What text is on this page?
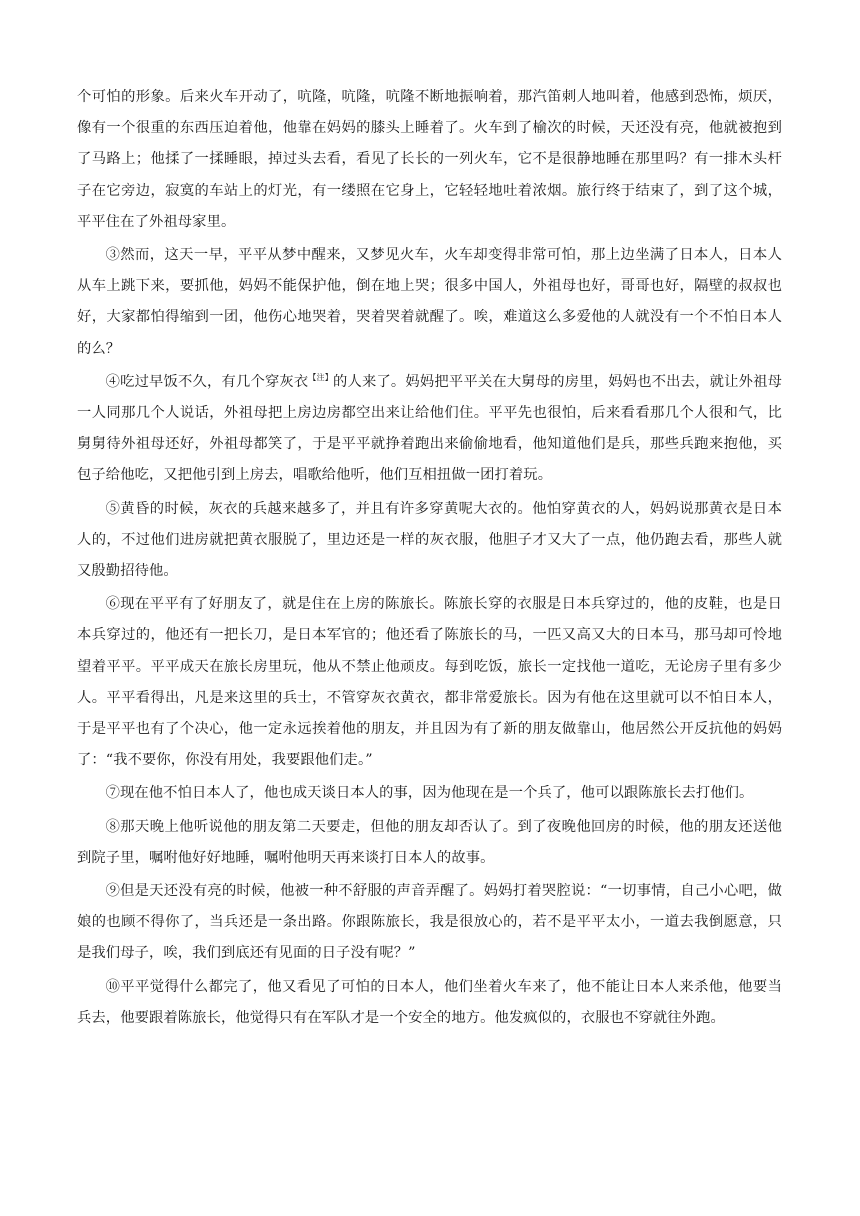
个可怕的形象。后来火车开动了，吭隆，吭隆，吭隆不断地振响着，那汽笛刺人地叫着，他感到恐怖，烦厌，像有一个很重的东西压迫着他，他靠在妈妈的膝头上睡着了。火车到了榆次的时候，天还没有亮，他就被抱到了马路上；他揉了一揉睡眼，掉过头去看，看见了长长的一列火车，它不是很静地睡在那里吗？有一排木头杆子在它旁边，寂寞的车站上的灯光，有一缕照在它身上，它轻轻地吐着浓烟。旅行终于结束了，到了这个城，平平住在了外祖母家里。

③然而，这天一早，平平从梦中醒来，又梦见火车，火车却变得非常可怕，那上边坐满了日本人，日本人从车上跳下来，要抓他，妈妈不能保护他，倒在地上哭；很多中国人，外祖母也好，哥哥也好，隔壁的叔叔也好，大家都怕得缩到一团，他伤心地哭着，哭着哭着就醒了。唉，难道这么多爱他的人就没有一个不怕日本人的么？

④吃过早饭不久，有几个穿灰衣$^{【注】}$的人来了。妈妈把平平关在大舅母的房里，妈妈也不出去，就让外祖母一人同那几个人说话，外祖母把上房边房都空出来让给他们住。平平先也很怕，后来看看那几个人很和气，比舅舅待外祖母还好，外祖母都笑了，于是平平就挣着跑出来偷偷地看，他知道他们是兵，那些兵跑来抱他，买包子给他吃，又把他引到上房去，唱歌给他听，他们互相扭做一团打着玩。

⑤黄昏的时候，灰衣的兵越来越多了，并且有许多穿黄呢大衣的。他怕穿黄衣的人，妈妈说那黄衣是日本人的，不过他们进房就把黄衣服脱了，里边还是一样的灰衣服，他胆子才又大了一点，他仍跑去看，那些人就又殷勤招待他。

⑥现在平平有了好朋友了，就是住在上房的陈旅长。陈旅长穿的衣服是日本兵穿过的，他的皮鞋，也是日本兵穿过的，他还有一把长刀，是日本军官的；他还看了陈旅长的马，一匹又高又大的日本马，那马却可怜地望着平平。平平成天在旅长房里玩，他从不禁止他顽皮。每到吃饭，旅长一定找他一道吃，无论房子里有多少人。平平看得出，凡是来这里的兵士，不管穿灰衣黄衣，都非常爱旅长。因为有他在这里就可以不怕日本人，于是平平也有了个决心，他一定永远挨着他的朋友，并且因为有了新的朋友做靠山，他居然公开反抗他的妈妈了：“我不要你，你没有用处，我要跟他们走。”

⑦现在他不怕日本人了，他也成天谈日本人的事，因为他现在是一个兵了，他可以跟陈旅长去打他们。

⑧那天晚上他听说他的朋友第二天要走，但他的朋友却否认了。到了夜晚他回房的时候，他的朋友还送他到院子里，嘱咐他好好地睡，嘱咐他明天再来谈打日本人的故事。

⑨但是天还没有亮的时候，他被一种不舒服的声音弄醒了。妈妈打着哭腔说：“一切事情，自己小心吧，做娘的也顾不得你了，当兵还是一条出路。你跟陈旅长，我是很放心的，若不是平平太小，一道去我倒愿意，只是我们母子，唉，我们到底还有见面的日子没有呢？”

⑩平平觉得什么都完了，他又看见了可怕的日本人，他们坐着火车来了，他不能让日本人来杀他，他要当兵去，他要跟着陈旅长，他觉得只有在军队才是一个安全的地方。他发疯似的，衣服也不穿就往外跑。
